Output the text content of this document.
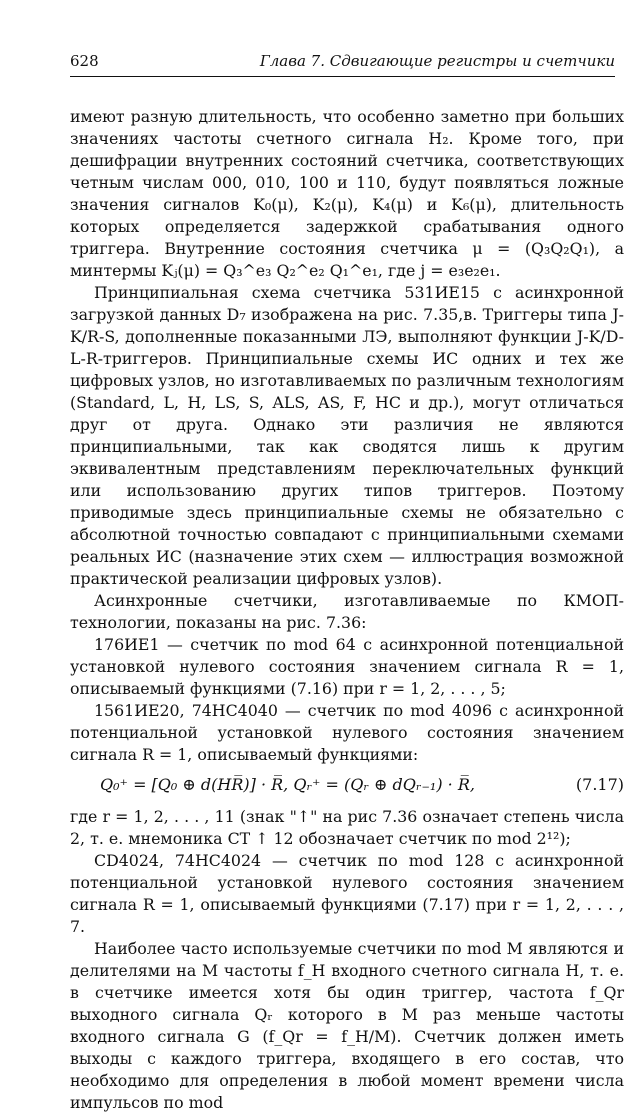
628	Глава 7. Сдвигающие регистры и счетчики

имеют разную длительность, что особенно заметно при больших значениях частоты счетного сигнала H₂. Кроме того, при дешифрации внутренних состояний счетчика, соответствующих четным числам 000, 010, 100 и 110, будут появляться ложные значения сигналов K₀(μ), K₂(μ), K₄(μ) и K₆(μ), длительность которых определяется задержкой срабатывания одного триггера. Внутренние состояния счетчика μ = (Q₃Q₂Q₁), а минтермы Kⱼ(μ) = Q₃^e₃ Q₂^e₂ Q₁^e₁, где j = e₃e₂e₁.

Принципиальная схема счетчика 531ИЕ15 с асинхронной загрузкой данных D₇ изображена на рис. 7.35,в. Триггеры типа J-K/R-S, дополненные показанными ЛЭ, выполняют функции J-K/D-L-R-триггеров. Принципиальные схемы ИС одних и тех же цифровых узлов, но изготавливаемых по различным технологиям (Standard, L, H, LS, S, ALS, AS, F, HC и др.), могут отличаться друг от друга. Однако эти различия не являются принципиальными, так как сводятся лишь к другим эквивалентным представлениям переключательных функций или использованию других типов триггеров. Поэтому приводимые здесь принципиальные схемы не обязательно с абсолютной точностью совпадают с принципиальными схемами реальных ИС (назначение этих схем — иллюстрация возможной практической реализации цифровых узлов).

Асинхронные счетчики, изготавливаемые по КМОП-технологии, показаны на рис. 7.36:

176ИЕ1 — счетчик по mod 64 с асинхронной потенциальной установкой нулевого состояния значением сигнала R = 1, описываемый функциями (7.16) при r = 1, 2, . . . , 5;

1561ИЕ20, 74HC4040 — счетчик по mod 4096 с асинхронной потенциальной установкой нулевого состояния значением сигнала R = 1, описываемый функциями:

Q₀⁺ = [Q₀ ⊕ d(HR̅)] · R̅, Qᵣ⁺ = (Qᵣ ⊕ dQᵣ₋₁) · R̅,	(7.17)

где r = 1, 2, . . . , 11 (знак "↑" на рис 7.36 означает степень числа 2, т. е. мнемоника CT ↑ 12 обозначает счетчик по mod 2¹²);

CD4024, 74HC4024 — счетчик по mod 128 с асинхронной потенциальной установкой нулевого состояния значением сигнала R = 1, описываемый функциями (7.17) при r = 1, 2, . . . , 7.

Наиболее часто используемые счетчики по mod M являются и делителями на M частоты f_H входного счетного сигнала H, т. е. в счетчике имеется хотя бы один триггер, частота f_Qr выходного сигнала Qᵣ которого в M раз меньше частоты входного сигнала G (f_Qr = f_H/M). Счетчик должен иметь выходы с каждого триггера, входящего в его состав, что необходимо для определения в любой момент времени числа импульсов по mod
